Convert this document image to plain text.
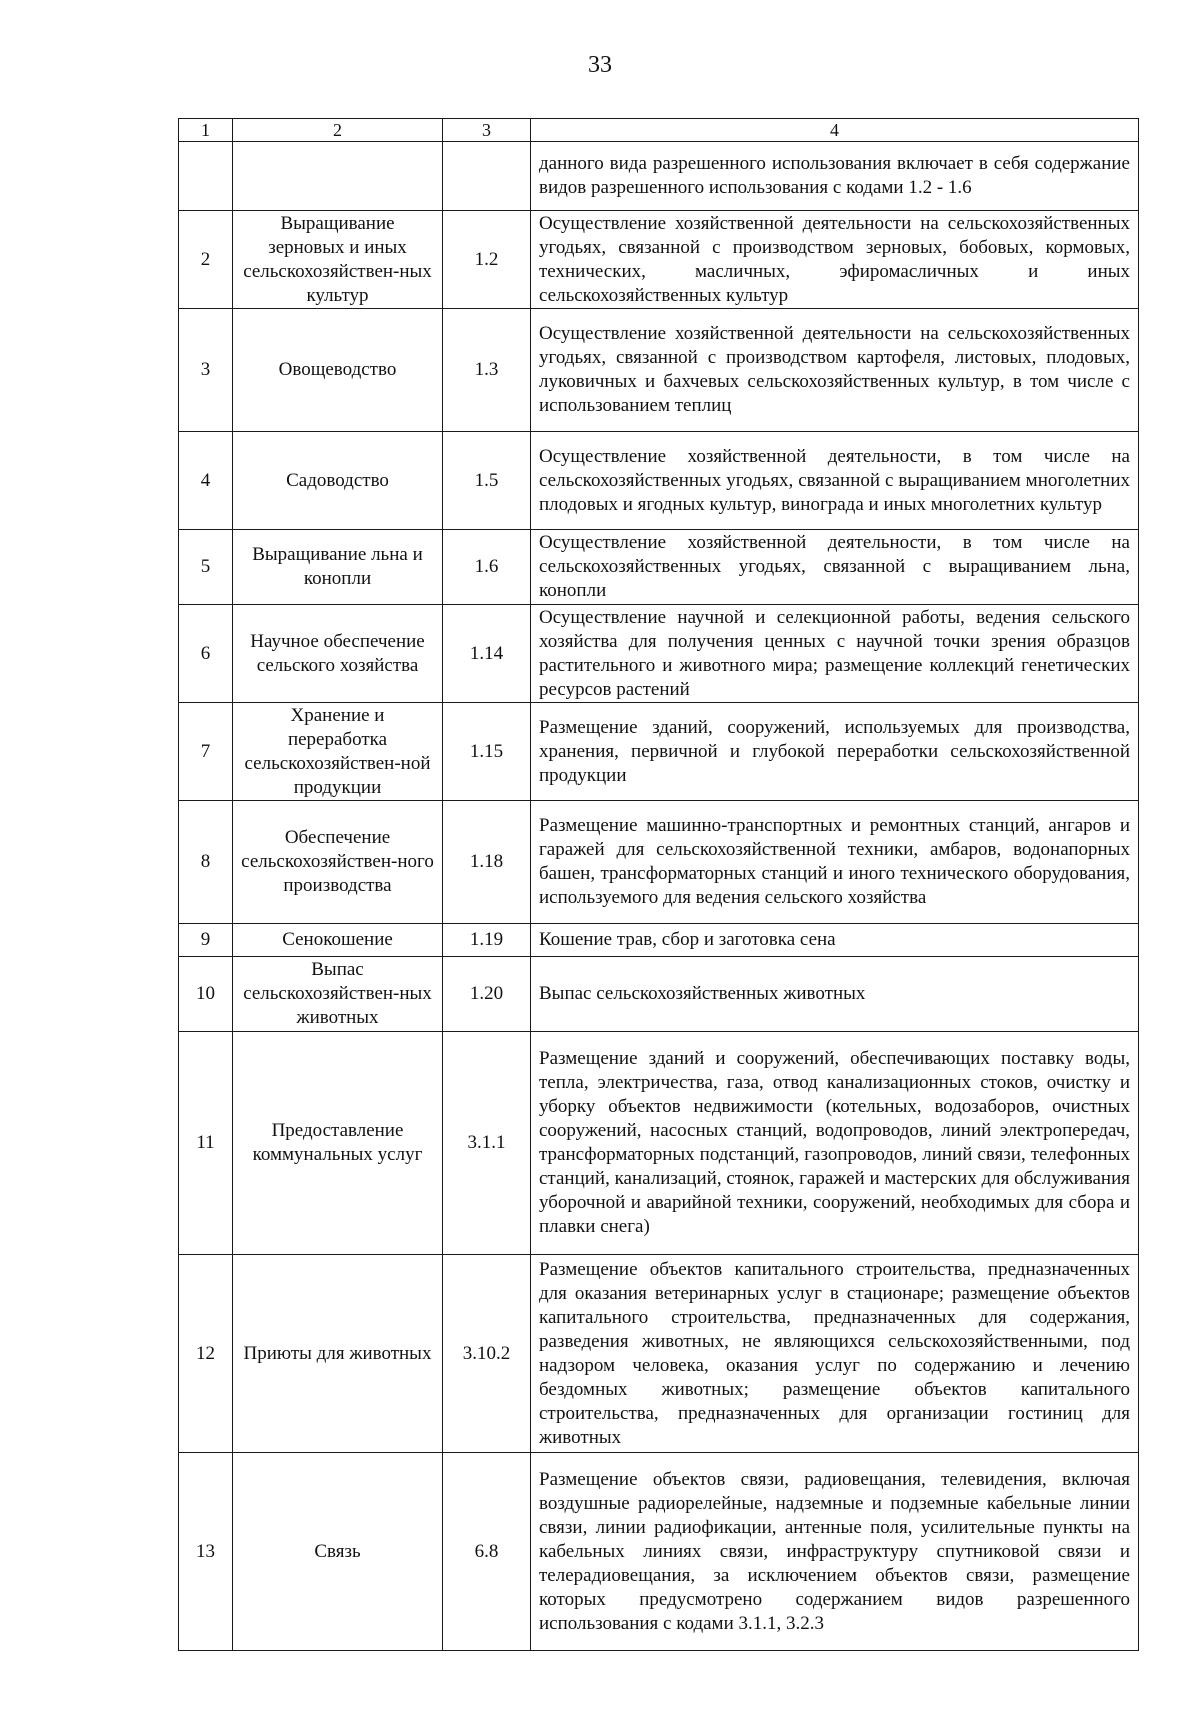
33
1	2	3	4
			данного вида разрешенного использования включает в себя содержание видов разрешенного использования с кодами 1.2 - 1.6
2	Выращивание зерновых и иных сельскохозяйствен-ных культур	1.2	Осуществление хозяйственной деятельности на сельскохозяйственных угодьях, связанной с производством зерновых, бобовых, кормовых, технических, масличных, эфиромасличных и иных сельскохозяйственных культур
3	Овощеводство	1.3	Осуществление хозяйственной деятельности на сельскохозяйственных угодьях, связанной с производством картофеля, листовых, плодовых, луковичных и бахчевых сельскохозяйственных культур, в том числе с использованием теплиц
4	Садоводство	1.5	Осуществление хозяйственной деятельности, в том числе на сельскохозяйственных угодьях, связанной с выращиванием многолетних плодовых и ягодных культур, винограда и иных многолетних культур
5	Выращивание льна и конопли	1.6	Осуществление хозяйственной деятельности, в том числе на сельскохозяйственных угодьях, связанной с выращиванием льна, конопли
6	Научное обеспечение сельского хозяйства	1.14	Осуществление научной и селекционной работы, ведения сельского хозяйства для получения ценных с научной точки зрения образцов растительного и животного мира; размещение коллекций генетических ресурсов растений
7	Хранение и переработка сельскохозяйствен-ной продукции	1.15	Размещение зданий, сооружений, используемых для производства, хранения, первичной и глубокой переработки сельскохозяйственной продукции
8	Обеспечение сельскохозяйствен-ного производства	1.18	Размещение машинно-транспортных и ремонтных станций, ангаров и гаражей для сельскохозяйственной техники, амбаров, водонапорных башен, трансформаторных станций и иного технического оборудования, используемого для ведения сельского хозяйства
9	Сенокошение	1.19	Кошение трав, сбор и заготовка сена
10	Выпас сельскохозяйствен-ных животных	1.20	Выпас сельскохозяйственных животных
11	Предоставление коммунальных услуг	3.1.1	Размещение зданий и сооружений, обеспечивающих поставку воды, тепла, электричества, газа, отвод канализационных стоков, очистку и уборку объектов недвижимости (котельных, водозаборов, очистных сооружений, насосных станций, водопроводов, линий электропередач, трансформаторных подстанций, газопроводов, линий связи, телефонных станций, канализаций, стоянок, гаражей и мастерских для обслуживания уборочной и аварийной техники, сооружений, необходимых для сбора и плавки снега)
12	Приюты для животных	3.10.2	Размещение объектов капитального строительства, предназначенных для оказания ветеринарных услуг в стационаре; размещение объектов капитального строительства, предназначенных для содержания, разведения животных, не являющихся сельскохозяйственными, под надзором человека, оказания услуг по содержанию и лечению бездомных животных; размещение объектов капитального строительства, предназначенных для организации гостиниц для животных
13	Связь	6.8	Размещение объектов связи, радиовещания, телевидения, включая воздушные радиорелейные, надземные и подземные кабельные линии связи, линии радиофикации, антенные поля, усилительные пункты на кабельных линиях связи, инфраструктуру спутниковой связи и телерадиовещания, за исключением объектов связи, размещение которых предусмотрено содержанием видов разрешенного использования с кодами 3.1.1, 3.2.3
